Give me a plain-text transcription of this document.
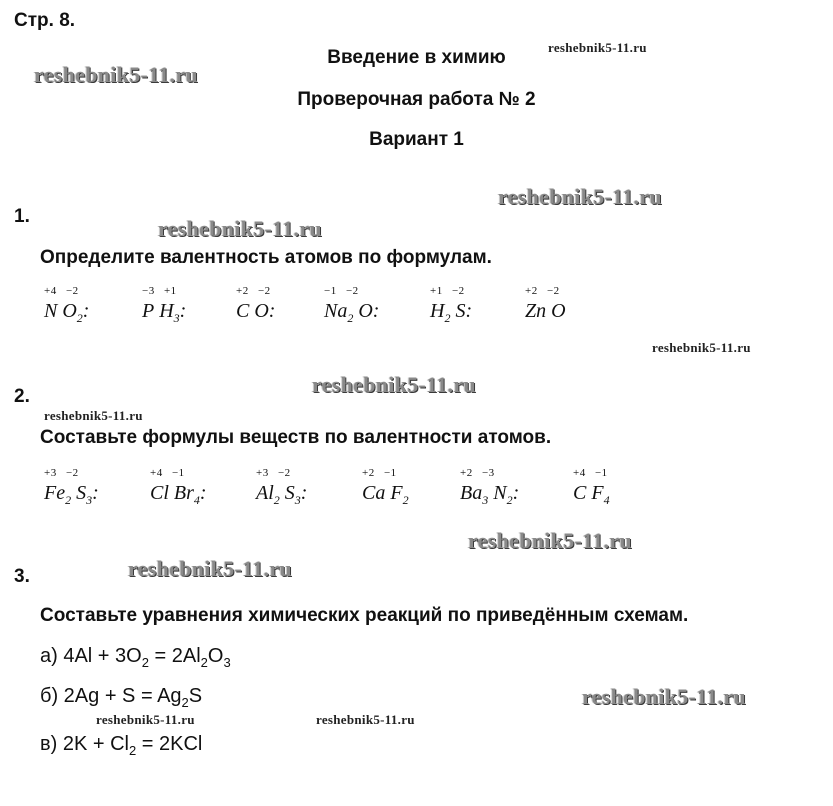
Стр. 8.
Введение в химию
Проверочная работа № 2
Вариант 1
reshebnik5-11.ru
reshebnik5-11.ru
reshebnik5-11.ru
reshebnik5-11.ru
reshebnik5-11.ru
reshebnik5-11.ru
reshebnik5-11.ru
reshebnik5-11.ru
reshebnik5-11.ru
reshebnik5-11.ru
reshebnik5-11.ru	reshebnik5-11.ru
1.
Определите валентность атомов по формулам.
+4 −2
N $O_2$:
−3 +1
P $H_3$:
+2 −2
C O:
−1 −2
$Na_2$ O:
+1 −2
$H_2$ S:
+2 −2
Zn O
2.
Составьте формулы веществ по валентности атомов.
+3 −2
$Fe_2$ $S_3$:
+4 −1
Cl $Br_4$:
+3 −2
$Al_2$ $S_3$:
+2 −1
Ca $F_2$
+2 −3
$Ba_3$ $N_2$:
+4 −1
C $F_4$
3.
Составьте уравнения химических реакций по приведённым схемам.
а) $4Al + 3O_2 = 2Al_2O_3$
б) $2Ag + S = Ag_2S$
в) $2K + Cl_2 = 2KCl$
